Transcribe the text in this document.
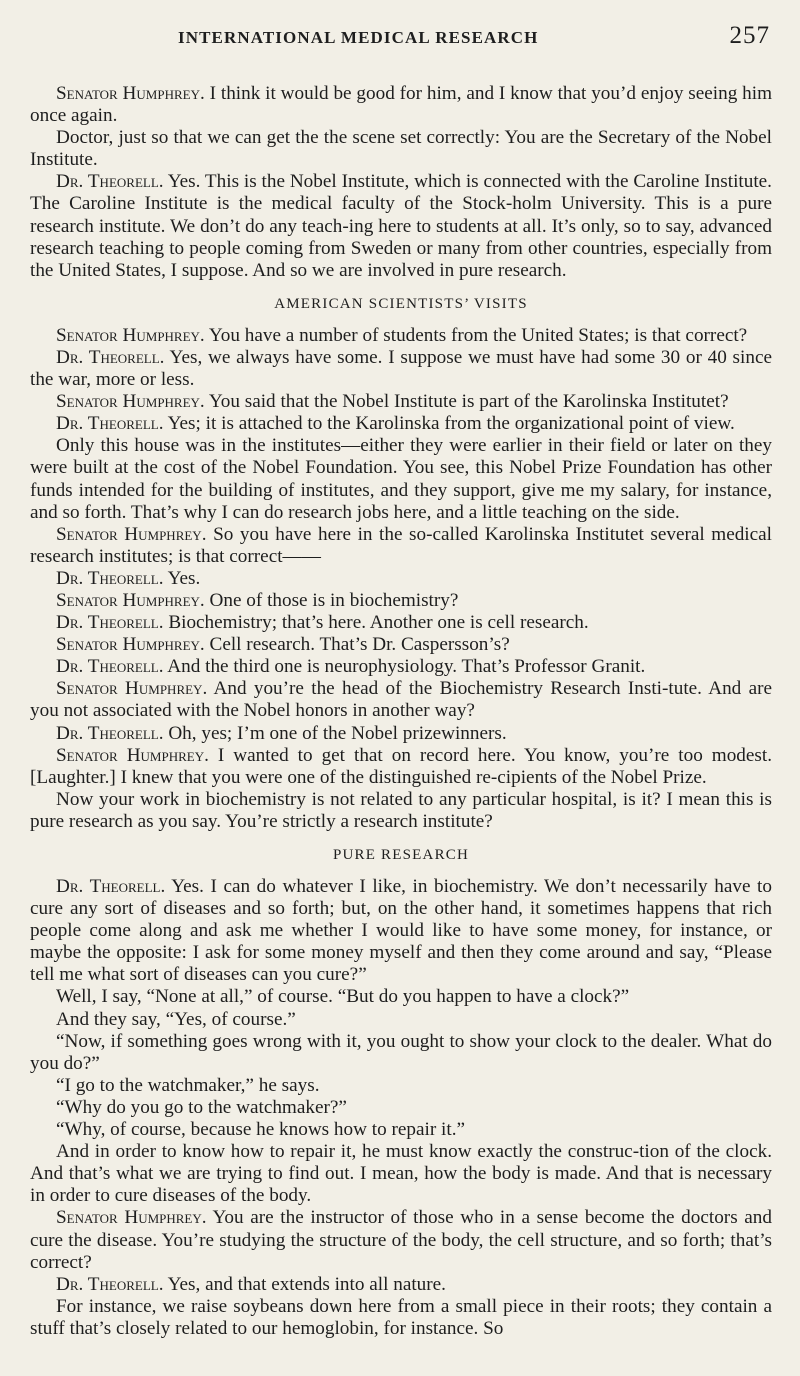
INTERNATIONAL MEDICAL RESEARCH	257

Senator Humphrey. I think it would be good for him, and I know that you’d enjoy seeing him once again.

Doctor, just so that we can get the the scene set correctly: You are the Secretary of the Nobel Institute.

Dr. Theorell. Yes. This is the Nobel Institute, which is connected with the Caroline Institute. The Caroline Institute is the medical faculty of the Stock-holm University. This is a pure research institute. We don’t do any teach-ing here to students at all. It’s only, so to say, advanced research teaching to people coming from Sweden or many from other countries, especially from the United States, I suppose. And so we are involved in pure research.

AMERICAN SCIENTISTS’ VISITS

Senator Humphrey. You have a number of students from the United States; is that correct?

Dr. Theorell. Yes, we always have some. I suppose we must have had some 30 or 40 since the war, more or less.

Senator Humphrey. You said that the Nobel Institute is part of the Karolinska Institutet?

Dr. Theorell. Yes; it is attached to the Karolinska from the organizational point of view.

Only this house was in the institutes—either they were earlier in their field or later on they were built at the cost of the Nobel Foundation. You see, this Nobel Prize Foundation has other funds intended for the building of institutes, and they support, give me my salary, for instance, and so forth. That’s why I can do research jobs here, and a little teaching on the side.

Senator Humphrey. So you have here in the so-called Karolinska Institutet several medical research institutes; is that correct——

Dr. Theorell. Yes.

Senator Humphrey. One of those is in biochemistry?

Dr. Theorell. Biochemistry; that’s here. Another one is cell research.

Senator Humphrey. Cell research. That’s Dr. Caspersson’s?

Dr. Theorell. And the third one is neurophysiology. That’s Professor Granit.

Senator Humphrey. And you’re the head of the Biochemistry Research Insti-tute. And are you not associated with the Nobel honors in another way?

Dr. Theorell. Oh, yes; I’m one of the Nobel prizewinners.

Senator Humphrey. I wanted to get that on record here. You know, you’re too modest. [Laughter.] I knew that you were one of the distinguished re-cipients of the Nobel Prize.

Now your work in biochemistry is not related to any particular hospital, is it? I mean this is pure research as you say. You’re strictly a research institute?

PURE RESEARCH

Dr. Theorell. Yes. I can do whatever I like, in biochemistry. We don’t necessarily have to cure any sort of diseases and so forth; but, on the other hand, it sometimes happens that rich people come along and ask me whether I would like to have some money, for instance, or maybe the opposite: I ask for some money myself and then they come around and say, “Please tell me what sort of diseases can you cure?”

Well, I say, “None at all,” of course. “But do you happen to have a clock?”

And they say, “Yes, of course.”

“Now, if something goes wrong with it, you ought to show your clock to the dealer. What do you do?”

“I go to the watchmaker,” he says.

“Why do you go to the watchmaker?”

“Why, of course, because he knows how to repair it.”

And in order to know how to repair it, he must know exactly the construc-tion of the clock. And that’s what we are trying to find out. I mean, how the body is made. And that is necessary in order to cure diseases of the body.

Senator Humphrey. You are the instructor of those who in a sense become the doctors and cure the disease. You’re studying the structure of the body, the cell structure, and so forth; that’s correct?

Dr. Theorell. Yes, and that extends into all nature.

For instance, we raise soybeans down here from a small piece in their roots; they contain a stuff that’s closely related to our hemoglobin, for instance. So
